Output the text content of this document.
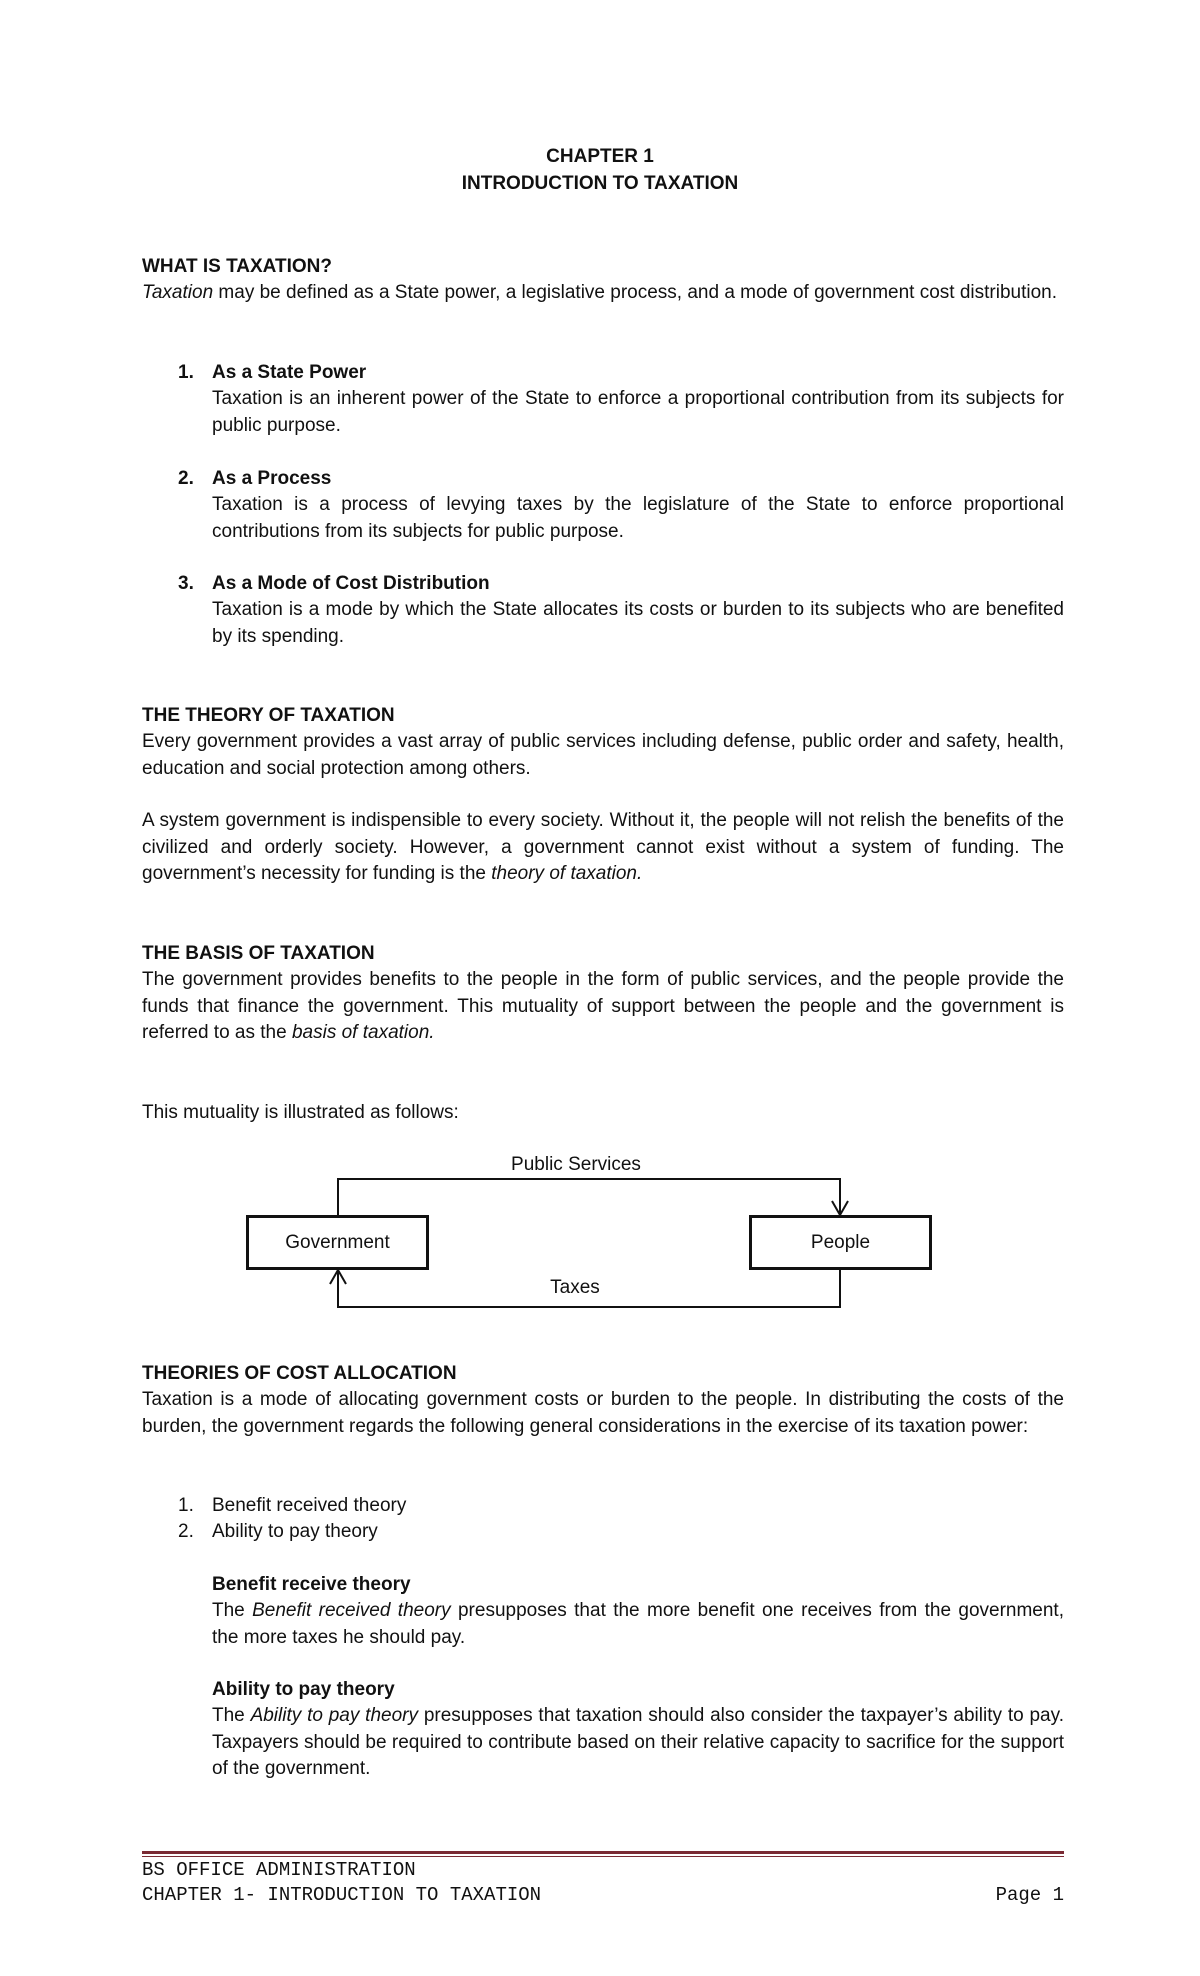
CHAPTER 1
INTRODUCTION TO TAXATION
WHAT IS TAXATION?
Taxation may be defined as a State power, a legislative process, and a mode of government cost distribution.
1. As a State Power
Taxation is an inherent power of the State to enforce a proportional contribution from its subjects for public purpose.
2. As a Process
Taxation is a process of levying taxes by the legislature of the State to enforce proportional contributions from its subjects for public purpose.
3. As a Mode of Cost Distribution
Taxation is a mode by which the State allocates its costs or burden to its subjects who are benefited by its spending.
THE THEORY OF TAXATION
Every government provides a vast array of public services including defense, public order and safety, health, education and social protection among others.
A system government is indispensible to every society. Without it, the people will not relish the benefits of the civilized and orderly society. However, a government cannot exist without a system of funding. The government’s necessity for funding is the theory of taxation.
THE BASIS OF TAXATION
The government provides benefits to the people in the form of public services, and the people provide the funds that finance the government. This mutuality of support between the people and the government is referred to as the basis of taxation.
This mutuality is illustrated as follows:
Public Services
Government	People
Taxes
THEORIES OF COST ALLOCATION
Taxation is a mode of allocating government costs or burden to the people. In distributing the costs of the burden, the government regards the following general considerations in the exercise of its taxation power:
1. Benefit received theory
2. Ability to pay theory
Benefit receive theory
The Benefit received theory presupposes that the more benefit one receives from the government, the more taxes he should pay.
Ability to pay theory
The Ability to pay theory presupposes that taxation should also consider the taxpayer’s ability to pay. Taxpayers should be required to contribute based on their relative capacity to sacrifice for the support of the government.
BS OFFICE ADMINISTRATION
CHAPTER 1- INTRODUCTION TO TAXATION	Page 1
